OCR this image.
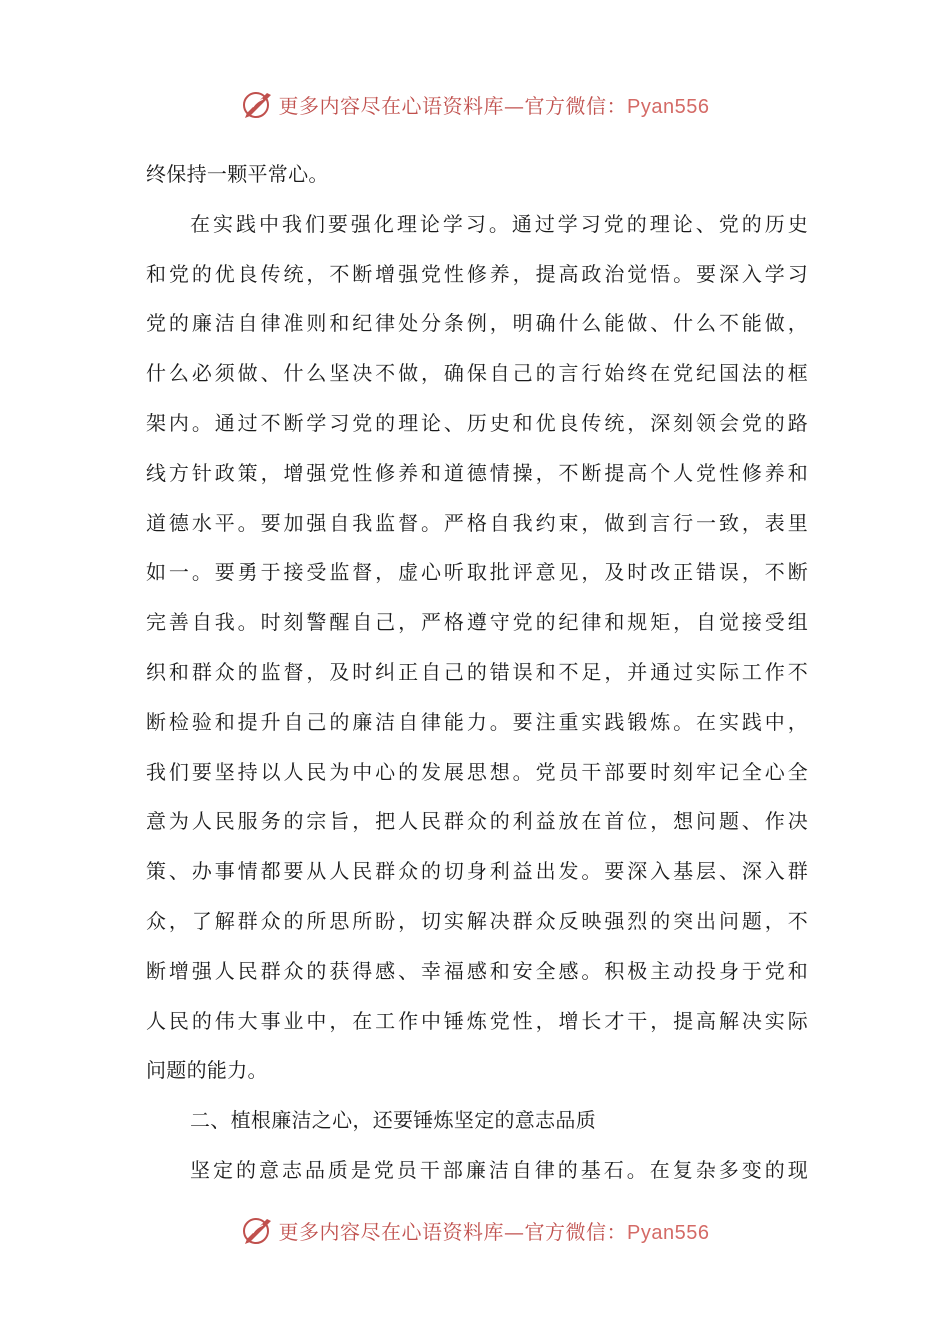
更多内容尽在心语资料库—官方微信：Pyan556
终保持一颗平常心。
在实践中我们要强化理论学习。通过学习党的理论、党的历史
和党的优良传统，不断增强党性修养，提高政治觉悟。要深入学习
党的廉洁自律准则和纪律处分条例，明确什么能做、什么不能做，
什么必须做、什么坚决不做，确保自己的言行始终在党纪国法的框
架内。通过不断学习党的理论、历史和优良传统，深刻领会党的路
线方针政策，增强党性修养和道德情操，不断提高个人党性修养和
道德水平。要加强自我监督。严格自我约束，做到言行一致，表里
如一。要勇于接受监督，虚心听取批评意见，及时改正错误，不断
完善自我。时刻警醒自己，严格遵守党的纪律和规矩，自觉接受组
织和群众的监督，及时纠正自己的错误和不足，并通过实际工作不
断检验和提升自己的廉洁自律能力。要注重实践锻炼。在实践中，
我们要坚持以人民为中心的发展思想。党员干部要时刻牢记全心全
意为人民服务的宗旨，把人民群众的利益放在首位，想问题、作决
策、办事情都要从人民群众的切身利益出发。要深入基层、深入群
众，了解群众的所思所盼，切实解决群众反映强烈的突出问题，不
断增强人民群众的获得感、幸福感和安全感。积极主动投身于党和
人民的伟大事业中，在工作中锤炼党性，增长才干，提高解决实际
问题的能力。
二、植根廉洁之心，还要锤炼坚定的意志品质
坚定的意志品质是党员干部廉洁自律的基石。在复杂多变的现
更多内容尽在心语资料库—官方微信：Pyan556
